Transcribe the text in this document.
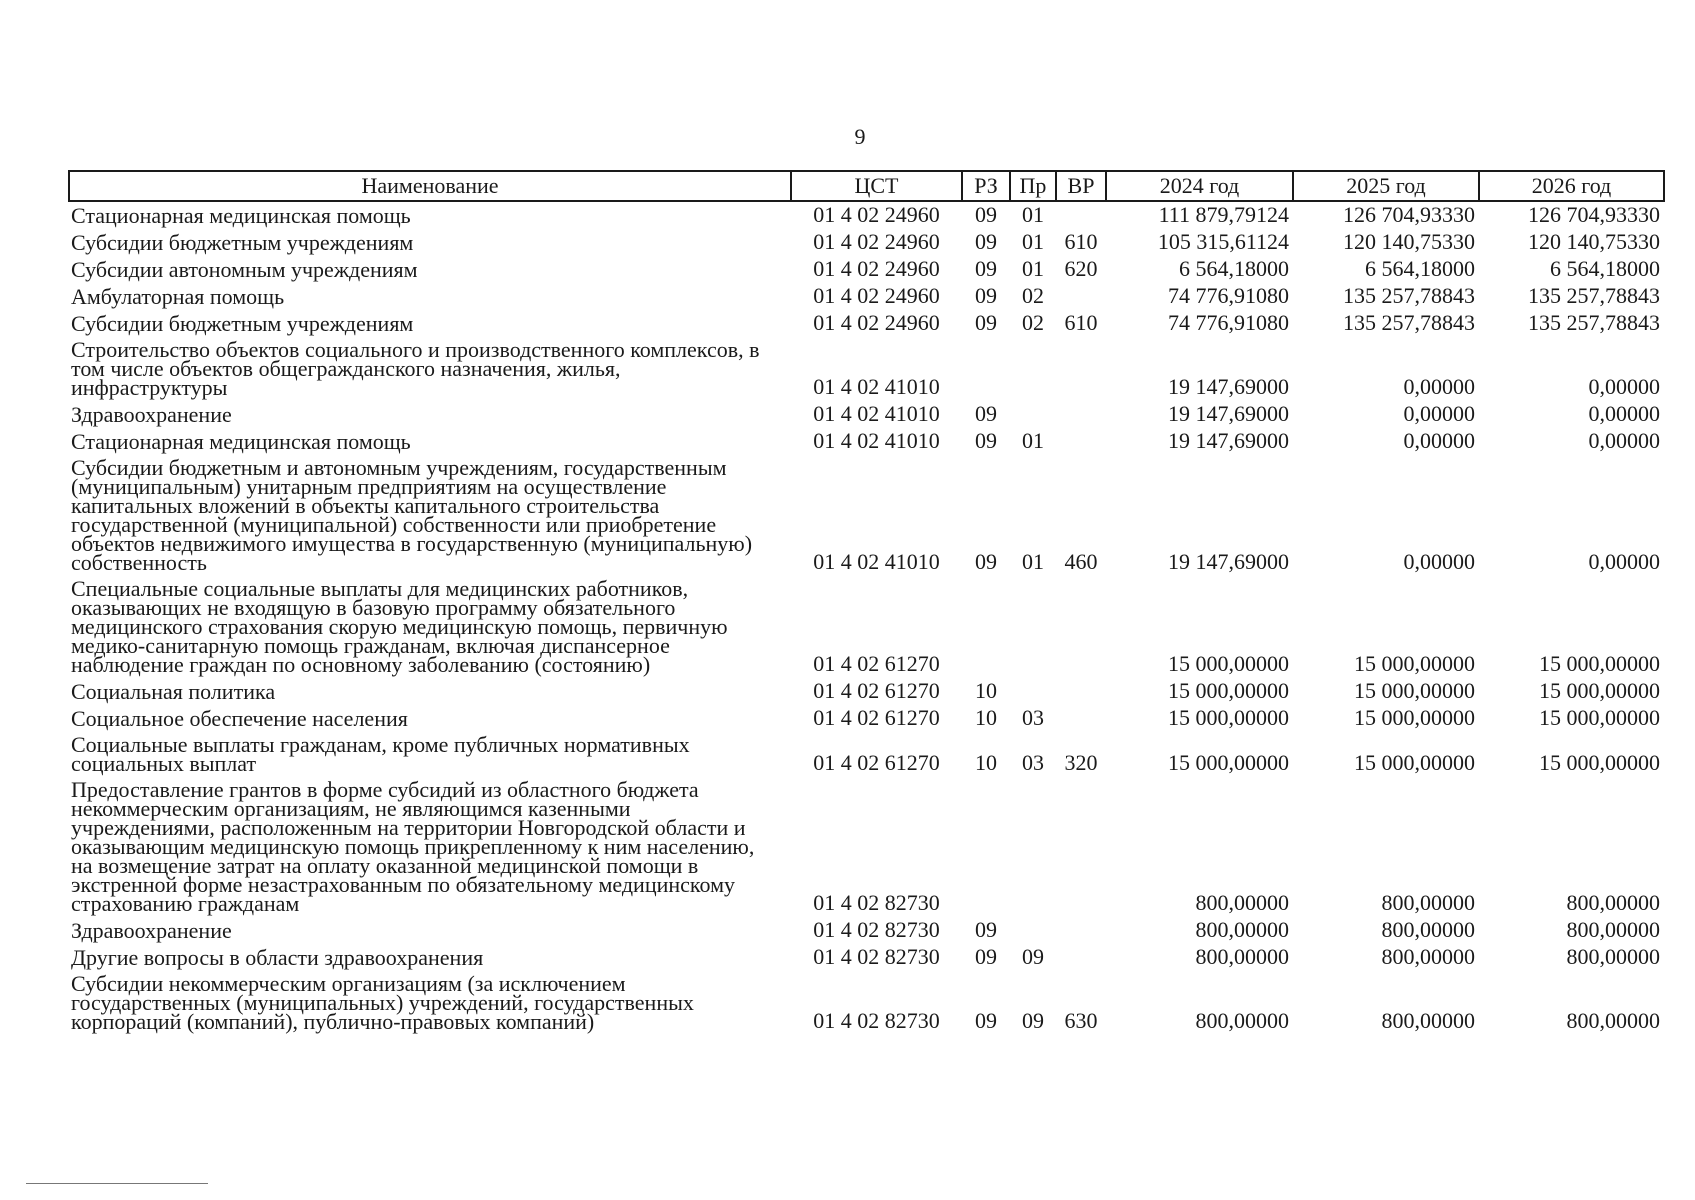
9
Наименование	ЦСТ	РЗ	Пр	ВР	2024 год	2025 год	2026 год
Стационарная медицинская помощь	01 4 02 24960	09	01		111 879,79124	126 704,93330	126 704,93330
Субсидии бюджетным учреждениям	01 4 02 24960	09	01	610	105 315,61124	120 140,75330	120 140,75330
Субсидии автономным учреждениям	01 4 02 24960	09	01	620	6 564,18000	6 564,18000	6 564,18000
Амбулаторная помощь	01 4 02 24960	09	02		74 776,91080	135 257,78843	135 257,78843
Субсидии бюджетным учреждениям	01 4 02 24960	09	02	610	74 776,91080	135 257,78843	135 257,78843
Строительство объектов социального и производственного комплексов, в том числе объектов общегражданского назначения, жилья, инфраструктуры	01 4 02 41010				19 147,69000	0,00000	0,00000
Здравоохранение	01 4 02 41010	09			19 147,69000	0,00000	0,00000
Стационарная медицинская помощь	01 4 02 41010	09	01		19 147,69000	0,00000	0,00000
Субсидии бюджетным и автономным учреждениям, государственным (муниципальным) унитарным предприятиям на осуществление капитальных вложений в объекты капитального строительства государственной (муниципальной) собственности или приобретение объектов недвижимого имущества в государственную (муниципальную) собственность	01 4 02 41010	09	01	460	19 147,69000	0,00000	0,00000
Специальные социальные выплаты для медицинских работников, оказывающих не входящую в базовую программу обязательного медицинского страхования скорую медицинскую помощь, первичную медико-санитарную помощь гражданам, включая диспансерное наблюдение граждан по основному заболеванию (состоянию)	01 4 02 61270				15 000,00000	15 000,00000	15 000,00000
Социальная политика	01 4 02 61270	10			15 000,00000	15 000,00000	15 000,00000
Социальное обеспечение населения	01 4 02 61270	10	03		15 000,00000	15 000,00000	15 000,00000
Социальные выплаты гражданам, кроме публичных нормативных социальных выплат	01 4 02 61270	10	03	320	15 000,00000	15 000,00000	15 000,00000
Предоставление грантов в форме субсидий из областного бюджета некоммерческим организациям, не являющимся казенными учреждениями, расположенным на территории Новгородской области и оказывающим медицинскую помощь прикрепленному к ним населению, на возмещение затрат на оплату оказанной медицинской помощи в экстренной форме незастрахованным по обязательному медицинскому страхованию гражданам	01 4 02 82730				800,00000	800,00000	800,00000
Здравоохранение	01 4 02 82730	09			800,00000	800,00000	800,00000
Другие вопросы в области здравоохранения	01 4 02 82730	09	09		800,00000	800,00000	800,00000
Субсидии некоммерческим организациям (за исключением государственных (муниципальных) учреждений, государственных корпораций (компаний), публично-правовых компаний)	01 4 02 82730	09	09	630	800,00000	800,00000	800,00000
